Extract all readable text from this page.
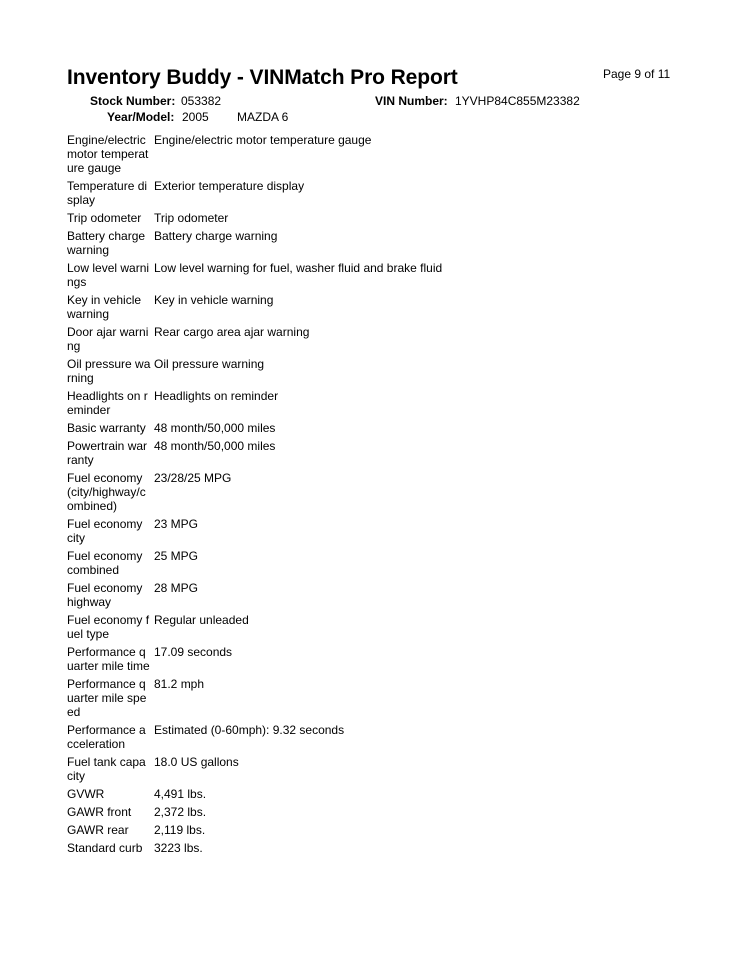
Inventory Buddy - VINMatch Pro Report	Page 9 of 11
Stock Number: 053382	VIN Number: 1YVHP84C855M23382
Year/Model: 2005 MAZDA 6
Engine/electric motor temperature gauge	Engine/electric motor temperature gauge
Temperature display	Exterior temperature display
Trip odometer	Trip odometer
Battery charge warning	Battery charge warning
Low level warnings	Low level warning for fuel, washer fluid and brake fluid
Key in vehicle warning	Key in vehicle warning
Door ajar warning	Rear cargo area ajar warning
Oil pressure warning	Oil pressure warning
Headlights on reminder	Headlights on reminder
Basic warranty	48 month/50,000 miles
Powertrain warranty	48 month/50,000 miles
Fuel economy (city/highway/combined)	23/28/25 MPG
Fuel economy city	23 MPG
Fuel economy combined	25 MPG
Fuel economy highway	28 MPG
Fuel economy fuel type	Regular unleaded
Performance quarter mile time	17.09 seconds
Performance quarter mile speed	81.2 mph
Performance acceleration	Estimated (0-60mph): 9.32 seconds
Fuel tank capacity	18.0 US gallons
GVWR	4,491 lbs.
GAWR front	2,372 lbs.
GAWR rear	2,119 lbs.
Standard curb	3223 lbs.
